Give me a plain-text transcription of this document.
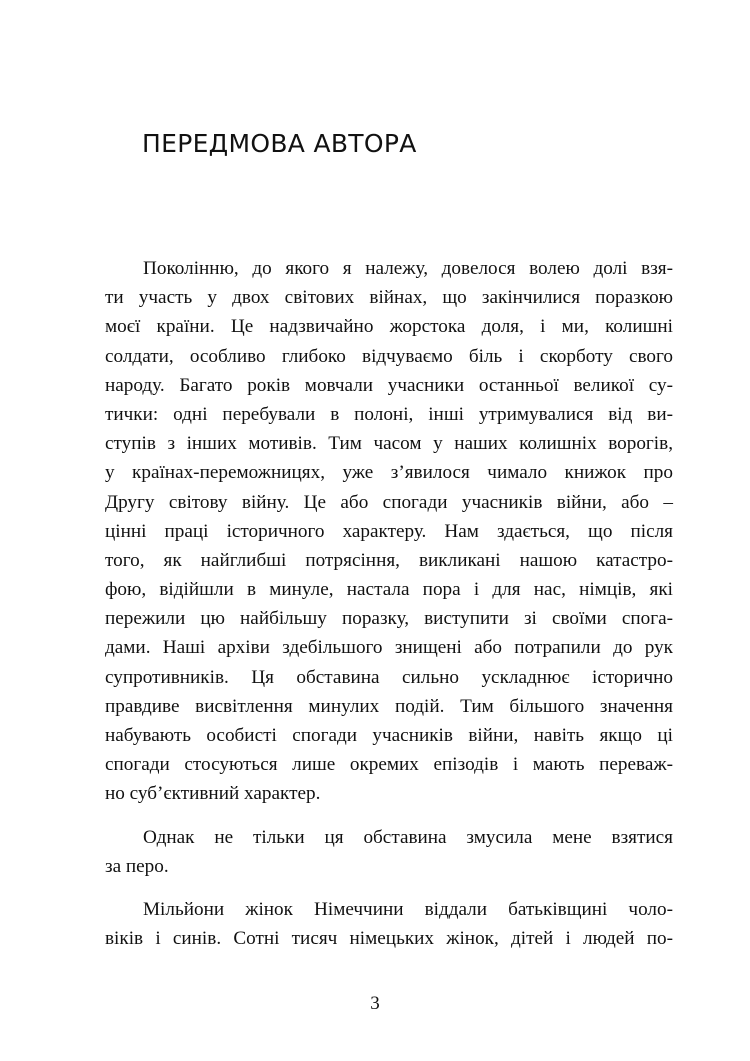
ПЕРЕДМОВА АВТОРА
Поколінню, до якого я належу, довелося волею долі взя-
ти участь у двох світових війнах, що закінчилися поразкою
моєї країни. Це надзвичайно жорстока доля, і ми, колишні
солдати, особливо глибоко відчуваємо біль і скорботу свого
народу. Багато років мовчали учасники останньої великої су-
тички: одні перебували в полоні, інші утримувалися від ви-
ступів з інших мотивів. Тим часом у наших колишніх ворогів,
у країнах-переможницях, уже з’явилося чимало книжок про
Другу світову війну. Це або спогади учасників війни, або –
цінні праці історичного характеру. Нам здається, що після
того, як найглибші потрясіння, викликані нашою катастро-
фою, відійшли в минуле, настала пора і для нас, німців, які
пережили цю найбільшу поразку, виступити зі своїми спога-
дами. Наші архіви здебільшого знищені або потрапили до рук
супротивників. Ця обставина сильно ускладнює історично
правдиве висвітлення минулих подій. Тим більшого значення
набувають особисті спогади учасників війни, навіть якщо ці
спогади стосуються лише окремих епізодів і мають переваж-
но суб’єктивний характер.
Однак не тільки ця обставина змусила мене взятися
за перо.
Мільйони жінок Німеччини віддали батьківщині чоло-
віків і синів. Сотні тисяч німецьких жінок, дітей і людей по-
3
